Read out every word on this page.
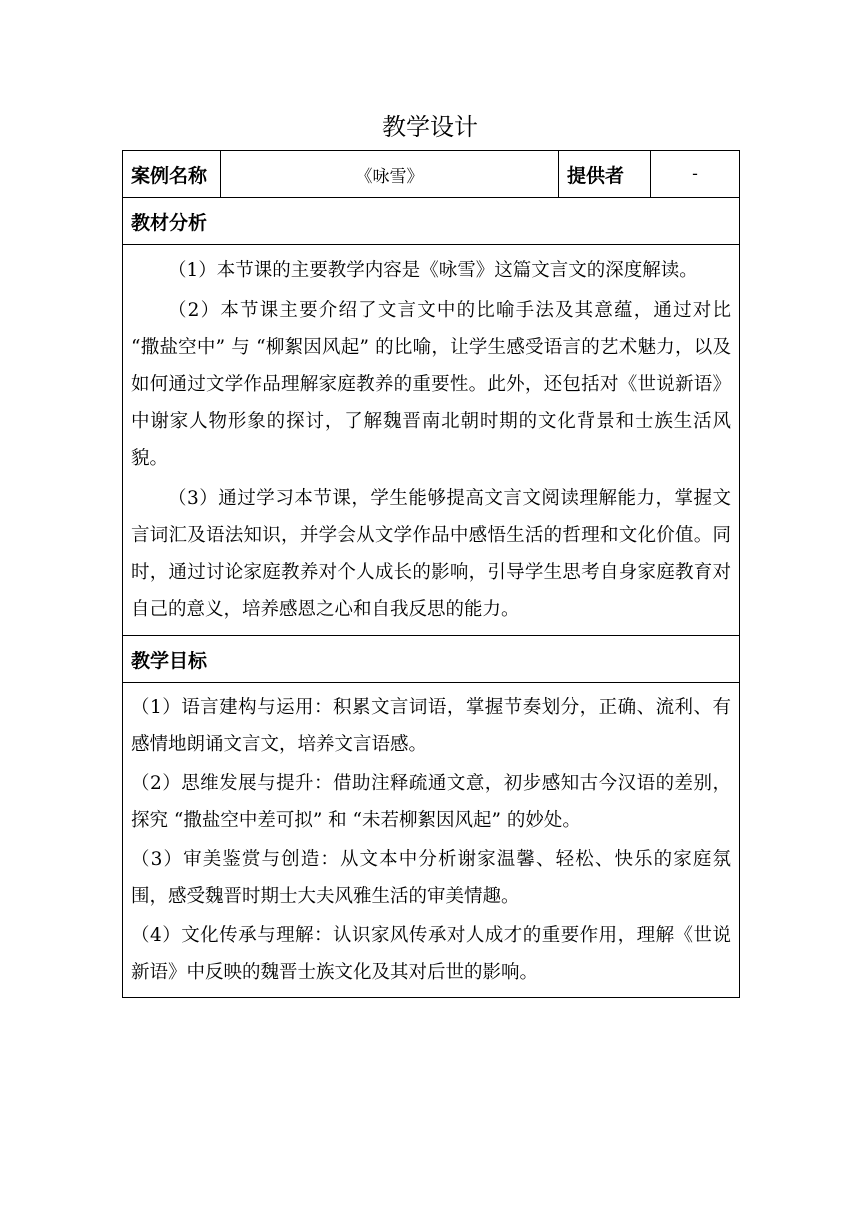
教学设计
案例名称	《咏雪》	提供者	-
教材分析

（1）本节课的主要教学内容是《咏雪》这篇文言文的深度解读。

（2）本节课主要介绍了文言文中的比喻手法及其意蕴，通过对比 “撒盐空中” 与 “柳絮因风起” 的比喻，让学生感受语言的艺术魅力，以及如何通过文学作品理解家庭教养的重要性。此外，还包括对《世说新语》中谢家人物形象的探讨，了解魏晋南北朝时期的文化背景和士族生活风貌。

（3）通过学习本节课，学生能够提高文言文阅读理解能力，掌握文言词汇及语法知识，并学会从文学作品中感悟生活的哲理和文化价值。同时，通过讨论家庭教养对个人成长的影响，引导学生思考自身家庭教育对自己的意义，培养感恩之心和自我反思的能力。

教学目标

（1）语言建构与运用：积累文言词语，掌握节奏划分，正确、流利、有感情地朗诵文言文，培养文言语感。

（2）思维发展与提升：借助注释疏通文意，初步感知古今汉语的差别，探究 “撒盐空中差可拟” 和 “未若柳絮因风起” 的妙处。

（3）审美鉴赏与创造：从文本中分析谢家温馨、轻松、快乐的家庭氛围，感受魏晋时期士大夫风雅生活的审美情趣。

（4）文化传承与理解：认识家风传承对人成才的重要作用，理解《世说新语》中反映的魏晋士族文化及其对后世的影响。
